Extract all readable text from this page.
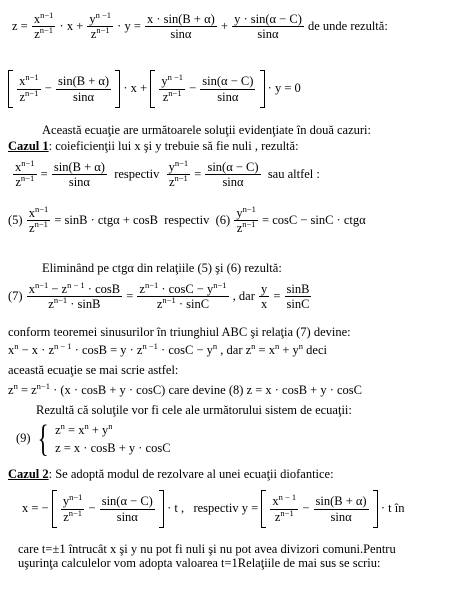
$z = \frac{x^{n-1}}{z^{n-1}} \cdot x + \frac{y^{n -1}}{z^{n-1}} \cdot y = \frac{x \cdot \sin(B + \alpha)}{\sin\alpha} + \frac{y \cdot \sin(\alpha - C)}{\sin\alpha}$ de unde rezultă:

$\frac{x^{n-1}}{z^{n-1}} - \frac{\sin(B + \alpha)}{\sin\alpha} \cdot x + \frac{y^{n -1}}{z^{n-1}} - \frac{\sin(\alpha - C)}{\sin\alpha} \cdot y = 0$
Această ecuaţie are următoarele soluţii evidenţiate în două cazuri:
Cazul 1: coieficienţii lui x şi y trebuie să fie nuli , rezultă:
$\frac{x^{n-1}}{z^{n-1}} = \frac{\sin(B + \alpha)}{\sin\alpha}$ respectiv $\frac{y^{n-1}}{z^{n-1}} = \frac{\sin(\alpha - C)}{\sin\alpha}$ sau altfel :
$(5) \frac{x^{n-1}}{z^{n-1}} = \sin B \cdot ctg\alpha + \cos B$ respectiv $(6) \frac{y^{n-1}}{z^{n-1}} = \cos C - \sin C \cdot ctg\alpha$
Eliminând pe ctgα din relaţiile (5) şi (6) rezultă:
$(7) \frac{x^{n-1} - z^{n - 1} \cdot \cos B}{z^{n-1} \cdot \sin B} = \frac{z^{n-1} \cdot \cos C - y^{n-1}}{z^{n-1} \cdot \sin C}$ , dar $\frac{y}{x} = \frac{\sin B}{\sin C}$
conform teoremei sinusurilor în triunghiul ABC şi relaţia (7) devine:
$x^n - x \cdot z^{n - 1} \cdot \cos B = y \cdot z^{n -1} \cdot \cos C - y^n$ , dar $z^n = x^n + y^n$ deci
această ecuaţie se mai scrie astfel:
$z^n = z^{n-1} \cdot (x \cdot \cos B + y \cdot \cos C)$ care devine (8) z = x · cosB + y · cosC
Rezultă că soluţile vor fi cele ale următorului sistem de ecuaţii:
(9) { $z^n = x^n + y^n$
z = x · cosB + y · cosC
Cazul 2: Se adoptă modul de rezolvare al unei ecuaţii diofantice:
x = − $\frac{y^{n-1}}{z^{n-1}} - \frac{\sin(\alpha - C)}{\sin\alpha} \cdot t$ , respectiv $y = \frac{x^{n - 1}}{z^{n-1}} - \frac{\sin(B + \alpha)}{\sin\alpha} \cdot t$ în
care t=±1 întrucât x şi y nu pot fi nuli şi nu pot avea divizori comuni.Pentru uşurinţa calculelor vom adopta valoarea t=1Relaţiile de mai sus se scriu:
